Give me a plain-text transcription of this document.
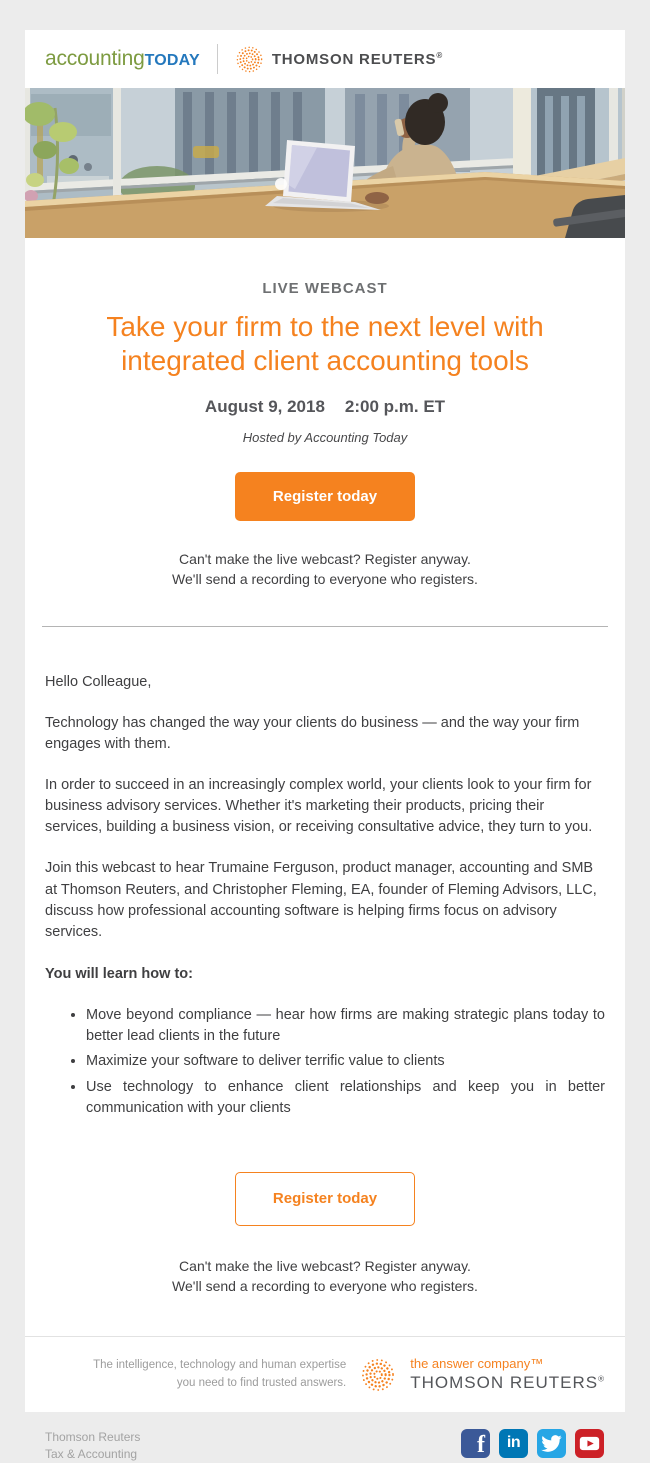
accounting TODAY	THOMSON REUTERS®
LIVE WEBCAST
Take your firm to the next level with integrated client accounting tools
August 9, 2018 2:00 p.m. ET
Hosted by Accounting Today
Register today
Can't make the live webcast? Register anyway.
We'll send a recording to everyone who registers.

Hello Colleague,

Technology has changed the way your clients do business — and the way your firm engages with them.

In order to succeed in an increasingly complex world, your clients look to your firm for business advisory services. Whether it's marketing their products, pricing their services, building a business vision, or receiving consultative advice, they turn to you.

Join this webcast to hear Trumaine Ferguson, product manager, accounting and SMB at Thomson Reuters, and Christopher Fleming, EA, founder of Fleming Advisors, LLC, discuss how professional accounting software is helping firms focus on advisory services.

You will learn how to:

• Move beyond compliance — hear how firms are making strategic plans today to better lead clients in the future
• Maximize your software to deliver terrific value to clients
• Use technology to enhance client relationships and keep you in better communication with your clients
Register today
Can't make the live webcast? Register anyway.
We'll send a recording to everyone who registers.
The intelligence, technology and human expertise
you need to find trusted answers.
the answer company™
THOMSON REUTERS®
Thomson Reuters
Tax & Accounting	f	in
